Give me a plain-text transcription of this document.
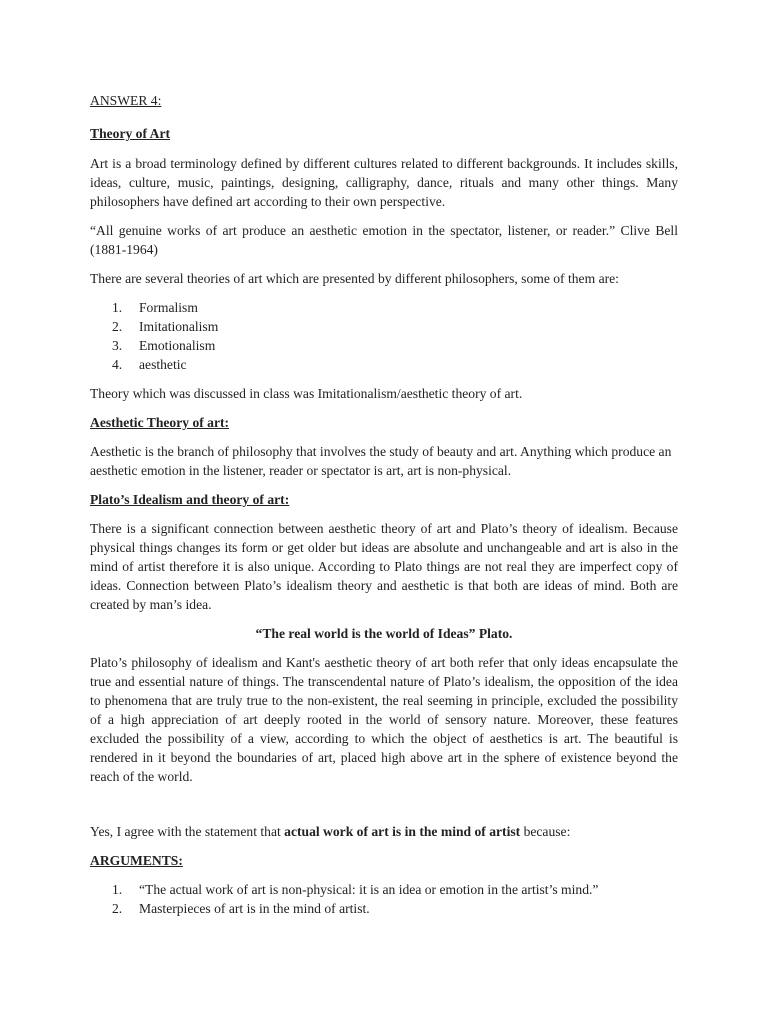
ANSWER 4:

Theory of Art

Art is a broad terminology defined by different cultures related to different backgrounds. It includes skills, ideas, culture, music, paintings, designing, calligraphy, dance, rituals and many other things. Many philosophers have defined art according to their own perspective.

“All genuine works of art produce an aesthetic emotion in the spectator, listener, or reader.” Clive Bell (1881-1964)

There are several theories of art which are presented by different philosophers, some of them are:

1.	Formalism
2.	Imitationalism
3.	Emotionalism
4.	aesthetic

Theory which was discussed in class was Imitationalism/aesthetic theory of art.

Aesthetic Theory of art:

Aesthetic is the branch of philosophy that involves the study of beauty and art. Anything which produce an aesthetic emotion in the listener, reader or spectator is art, art is non-physical.

Plato’s Idealism and theory of art:

There is a significant connection between aesthetic theory of art and Plato’s theory of idealism. Because physical things changes its form or get older but ideas are absolute and unchangeable and art is also in the mind of artist therefore it is also unique. According to Plato things are not real they are imperfect copy of ideas. Connection between Plato’s idealism theory and aesthetic is that both are ideas of mind. Both are created by man’s idea.

“The real world is the world of Ideas” Plato.

Plato’s philosophy of idealism and Kant's aesthetic theory of art both refer that only ideas encapsulate the true and essential nature of things. The transcendental nature of Plato’s idealism, the opposition of the idea to phenomena that are truly true to the non-existent, the real seeming in principle, excluded the possibility of a high appreciation of art deeply rooted in the world of sensory nature. Moreover, these features excluded the possibility of a view, according to which the object of aesthetics is art. The beautiful is rendered in it beyond the boundaries of art, placed high above art in the sphere of existence beyond the reach of the world.

Yes, I agree with the statement that actual work of art is in the mind of artist because:

ARGUMENTS:

1.	“The actual work of art is non-physical: it is an idea or emotion in the artist’s mind.”
2.	Masterpieces of art is in the mind of artist.
